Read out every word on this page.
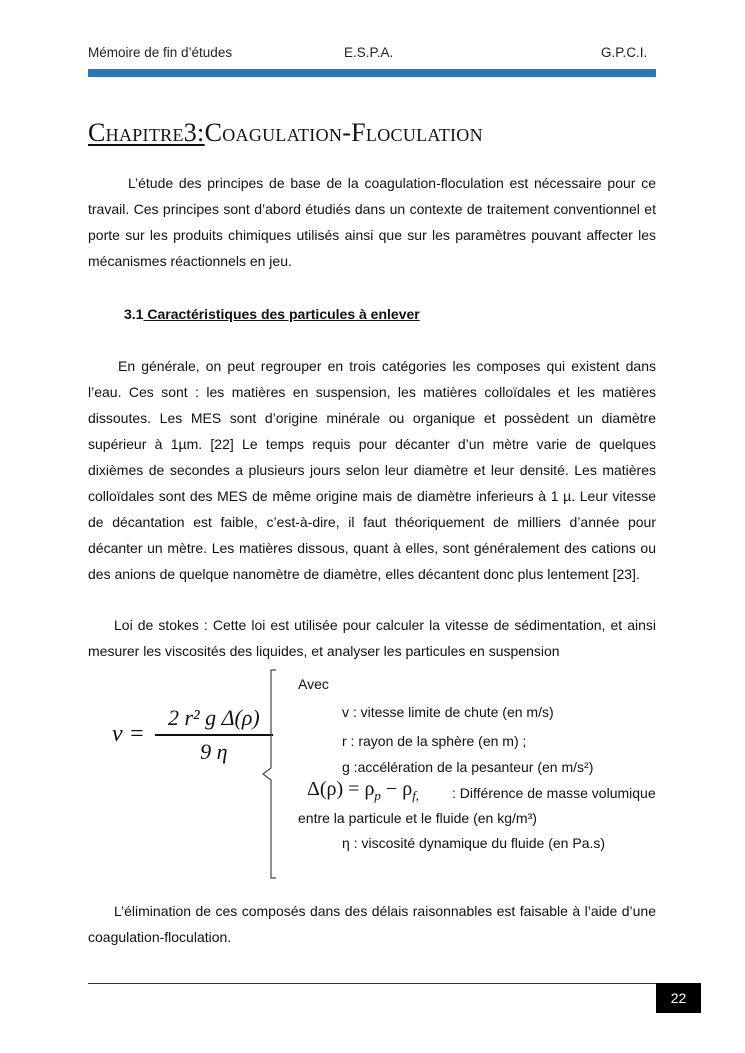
Mémoire de fin d’études	E.S.P.A.	G.P.C.I.
Chapitre3:Coagulation-Floculation
L’étude des principes de base de la coagulation-floculation est nécessaire pour ce travail. Ces principes sont d’abord étudiés dans un contexte de traitement conventionnel et porte sur les produits chimiques utilisés ainsi que sur les paramètres pouvant affecter les mécanismes réactionnels en jeu.
3.1 Caractéristiques des particules à enlever
En générale, on peut regrouper en trois catégories les composes qui existent dans l’eau. Ces sont : les matières en suspension, les matières colloïdales et les matières dissoutes. Les MES sont d’origine minérale ou organique et possèdent un diamètre supérieur à 1µm. [22] Le temps requis pour décanter d’un mètre varie de quelques dixièmes de secondes a plusieurs jours selon leur diamètre et leur densité. Les matières colloïdales sont des MES de même origine mais de diamètre inferieurs à 1 µ. Leur vitesse de décantation est faible, c’est-à-dire, il faut théoriquement de milliers d’année pour décanter un mètre. Les matières dissous, quant à elles, sont généralement des cations ou des anions de quelque nanomètre de diamètre, elles décantent donc plus lentement [23].
Loi de stokes : Cette loi est utilisée pour calculer la vitesse de sédimentation, et ainsi mesurer les viscosités des liquides, et analyser les particules en suspension
v =
2 r² g Δ(ρ)
9 η
Avec
v : vitesse limite de chute (en m/s)
r : rayon de la sphère (en m) ;
g :accélération de la pesanteur (en m/s²)
$\Delta(\rho) = \rho_p - \rho_{f,}$ : Différence de masse volumique
entre la particule et le fluide (en kg/m³)
η : viscosité dynamique du fluide (en Pa.s)
L’élimination de ces composés dans des délais raisonnables est faisable à l’aide d’une coagulation-floculation.
22
